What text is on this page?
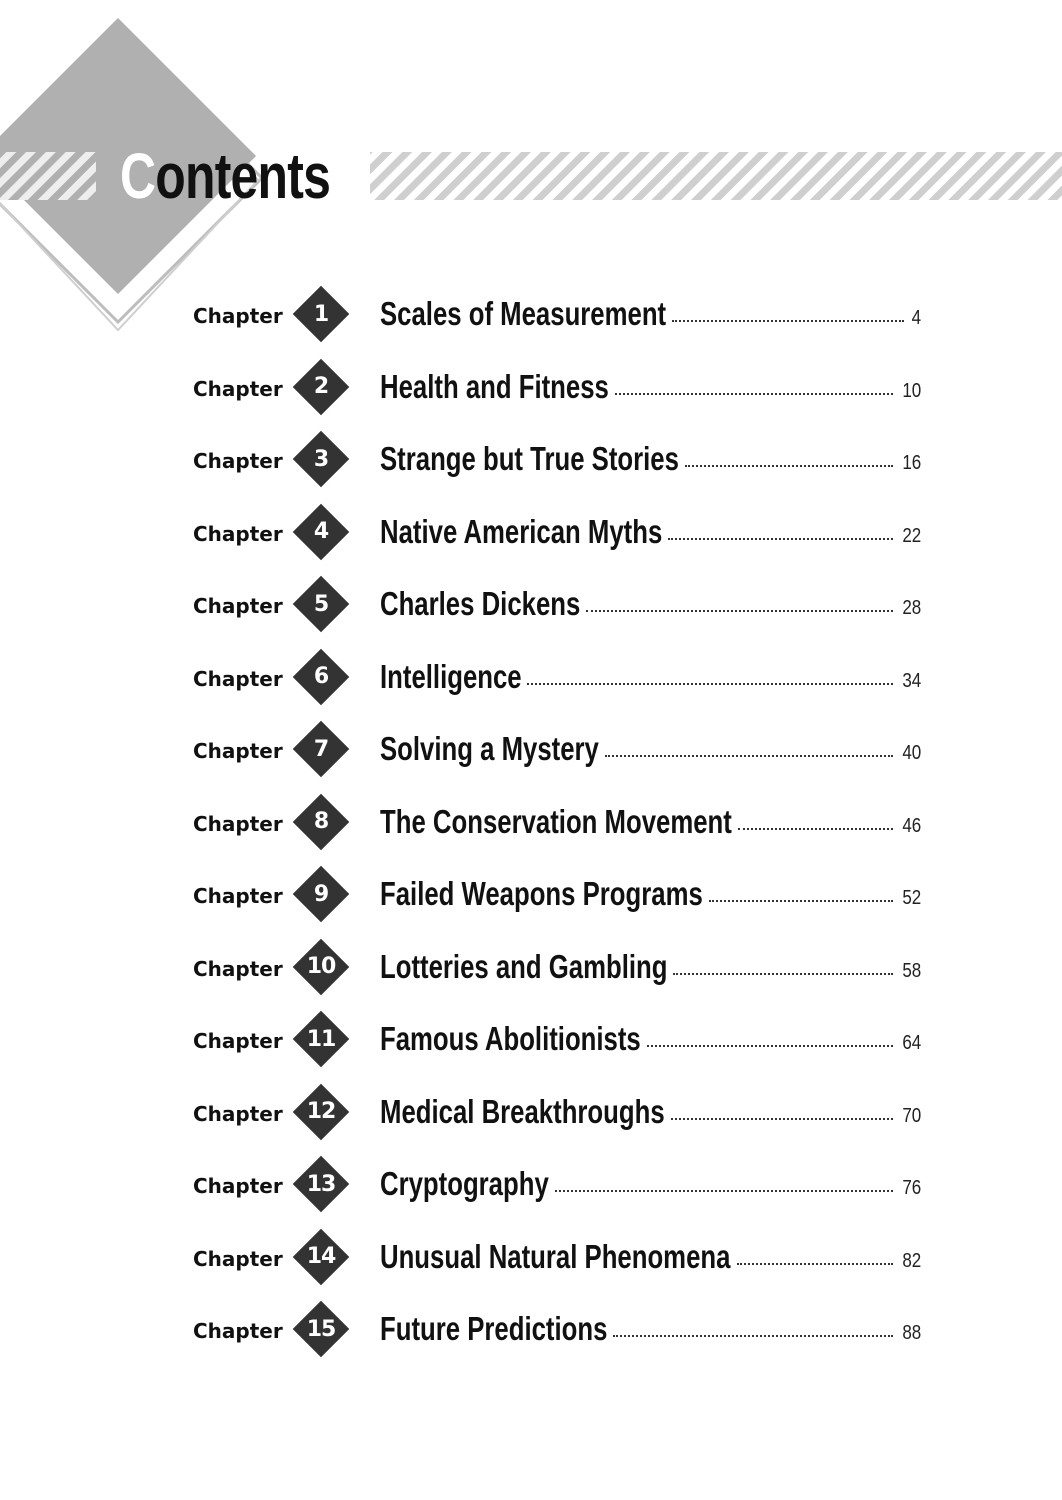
Contents
Chapter	1	Scales of Measurement	4
Chapter	2	Health and Fitness	10
Chapter	3	Strange but True Stories	16
Chapter	4	Native American Myths	22
Chapter	5	Charles Dickens	28
Chapter	6	Intelligence	34
Chapter	7	Solving a Mystery	40
Chapter	8	The Conservation Movement	46
Chapter	9	Failed Weapons Programs	52
Chapter	10	Lotteries and Gambling	58
Chapter	11	Famous Abolitionists	64
Chapter	12	Medical Breakthroughs	70
Chapter	13	Cryptography	76
Chapter	14	Unusual Natural Phenomena	82
Chapter	15	Future Predictions	88
